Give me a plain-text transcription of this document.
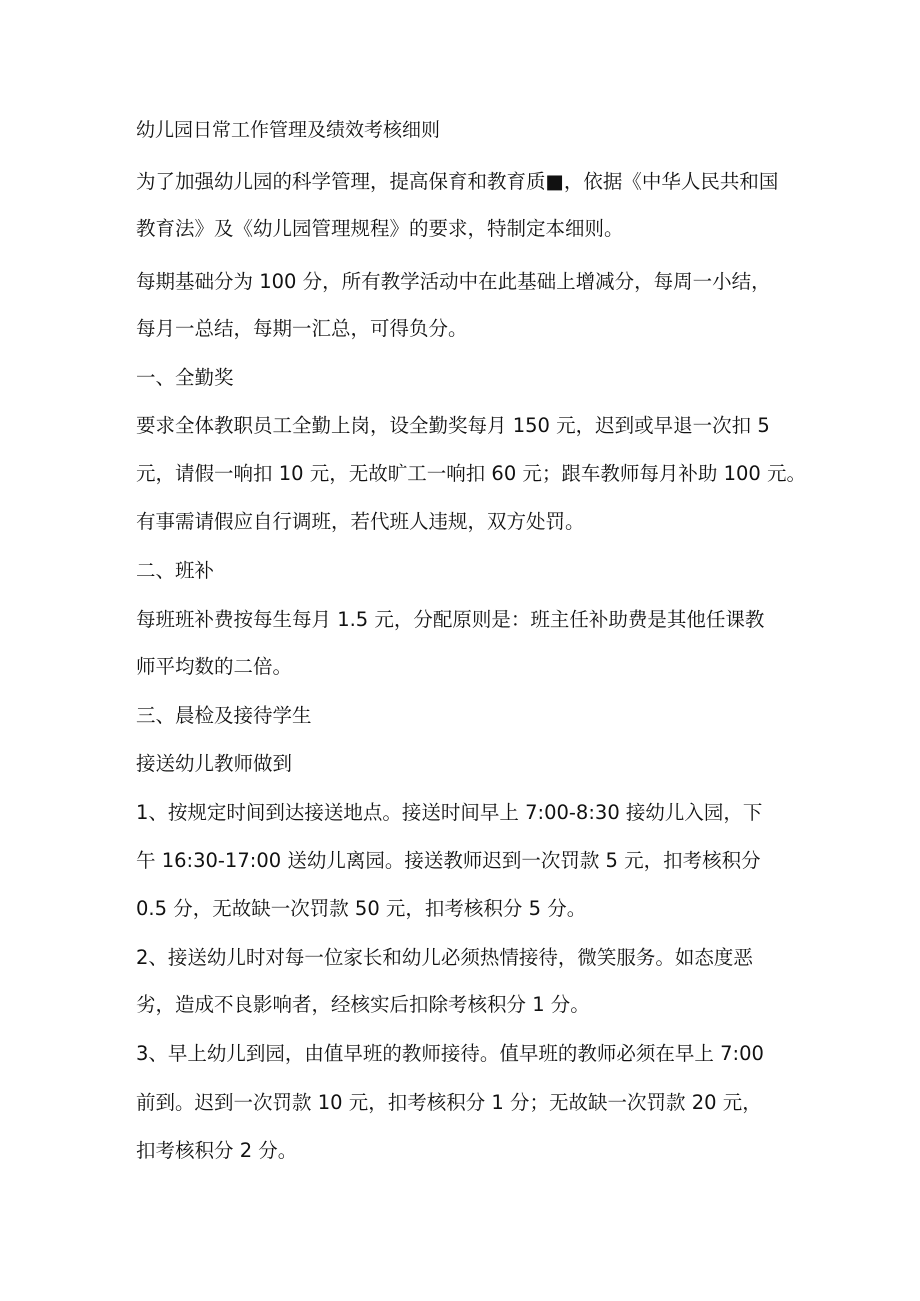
幼儿园日常工作管理及绩效考核细则
为了加强幼儿园的科学管理，提高保育和教育质■，依据《中华人民共和国
教育法》及《幼儿园管理规程》的要求，特制定本细则。
每期基础分为 100 分，所有教学活动中在此基础上增减分，每周一小结，
每月一总结，每期一汇总，可得负分。
一、全勤奖
要求全体教职员工全勤上岗，设全勤奖每月 150 元，迟到或早退一次扣 5
元，请假一响扣 10 元，无故旷工一响扣 60 元；跟车教师每月补助 100 元。
有事需请假应自行调班，若代班人违规，双方处罚。
二、班补
每班班补费按每生每月 1.5 元，分配原则是：班主任补助费是其他任课教
师平均数的二倍。
三、晨检及接待学生
接送幼儿教师做到
1、按规定时间到达接送地点。接送时间早上 7:00-8:30 接幼儿入园，下
午 16:30-17:00 送幼儿离园。接送教师迟到一次罚款 5 元，扣考核积分
0.5 分，无故缺一次罚款 50 元，扣考核积分 5 分。
2、接送幼儿时对每一位家长和幼儿必须热情接待，微笑服务。如态度恶
劣，造成不良影响者，经核实后扣除考核积分 1 分。
3、早上幼儿到园，由值早班的教师接待。值早班的教师必须在早上 7:00
前到。迟到一次罚款 10 元，扣考核积分 1 分；无故缺一次罚款 20 元，
扣考核积分 2 分。
